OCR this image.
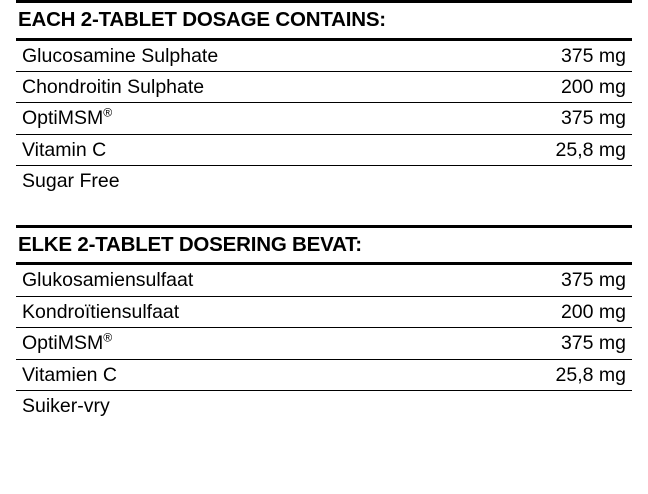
EACH 2-TABLET DOSAGE CONTAINS:
Glucosamine Sulphate	375 mg
Chondroitin Sulphate	200 mg
OptiMSM®	375 mg
Vitamin C	25,8 mg
Sugar Free	
ELKE 2-TABLET DOSERING BEVAT:
Glukosamiensulfaat	375 mg
Kondroïtiensulfaat	200 mg
OptiMSM®	375 mg
Vitamien C	25,8 mg
Suiker-vry	
